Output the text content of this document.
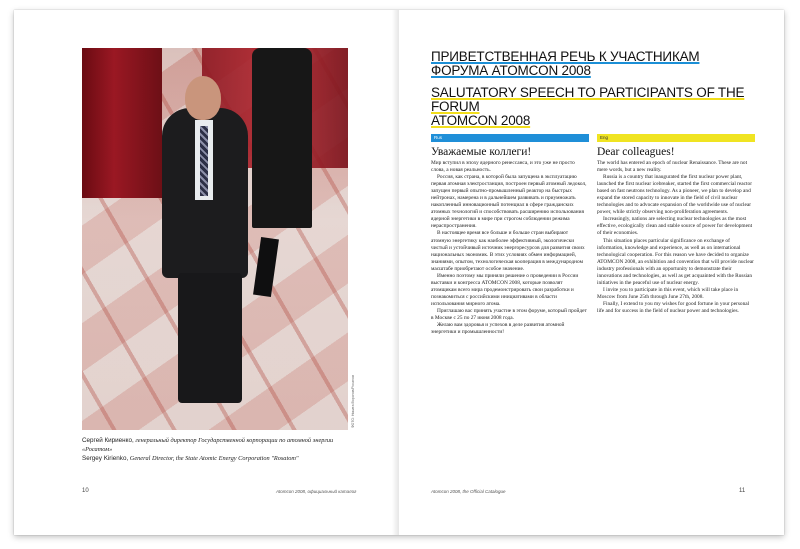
ФОТО: Никита Воронов/Росатом
Сергей Кириенко, генеральный директор Государственной корпорации по атомной энергии «Росатом»
Sergey Kirienko, General Director, the State Atomic Energy Corporation "Rosatom"
10	Atomcon 2008, официальный каталог
ПРИВЕТСТВЕННАЯ РЕЧЬ К УЧАСТНИКАМ
ФОРУМА ATOMCON 2008
SALUTATORY SPEECH TO PARTICIPANTS OF THE FORUM
ATOMCON 2008
Rus	Eng
Уважаемые коллеги!

Мир вступил в эпоху ядерного ренессанса, и это уже не просто слова, а новая реальность.

Россия, как страна, в которой была запущена в эксплуатацию первая атомная электростанция, построен первый атомный ледокол, запущен первый опытно-промышленный реактор на быстрых нейтронах, намерена и в дальнейшем развивать и приумножать накопленный инновационный потенциал в сфере гражданских атомных технологий и способствовать расширению использования ядерной энергетики в мире при строгом соблюдении режима нераспространения.

В настоящее время все больше и больше стран выбирают атомную энергетику как наиболее эффективный, экологически чистый и устойчивый источник энергоресурсов для развития своих национальных экономик. В этих условиях обмен информацией, знаниями, опытом, технологическая кооперация в международном масштабе приобретают особое значение.

Именно поэтому мы приняли решение о проведении в России выставки и конгресса ATOMCON 2008, которые позволят атомщикам всего мира продемонстрировать свои разработки и познакомиться с российскими инициативами в области использования мирного атома.

Приглашаю вас принять участие в этом форуме, который пройдет в Москве с 25 по 27 июня 2008 года.

Желаю вам здоровья и успехов в деле развития атомной энергетики и промышленности!

Dear colleagues!

The world has entered an epoch of nuclear Renaissance. These are not mere words, but a new reality.

Russia is a country that inaugurated the first nuclear power plant, launched the first nuclear icebreaker, started the first commercial reactor based on fast neutrons technology. As a pioneer, we plan to develop and expand the stored capacity to innovate in the field of civil nuclear technologies and to advocate expansion of the worldwide use of nuclear power, while strictly observing non-proliferation agreements.

Increasingly, nations are selecting nuclear technologies as the most effective, ecologically clean and stable source of power for development of their economies.

This situation places particular significance on exchange of information, knowledge and experience, as well as on international technological cooperation. For this reason we have decided to organize ATOMCON 2008, an exhibition and convention that will provide nuclear industry professionals with an opportunity to demonstrate their innovations and technologies, as well as get acquainted with the Russian initiatives in the peaceful use of nuclear energy.

I invite you to participate in this event, which will take place in Moscow from June 25th through June 27th, 2008.

Finally, I extend to you my wishes for good fortune in your personal life and for success in the field of nuclear power and technologies.

Atomcon 2008, the Official Catalogue	11
